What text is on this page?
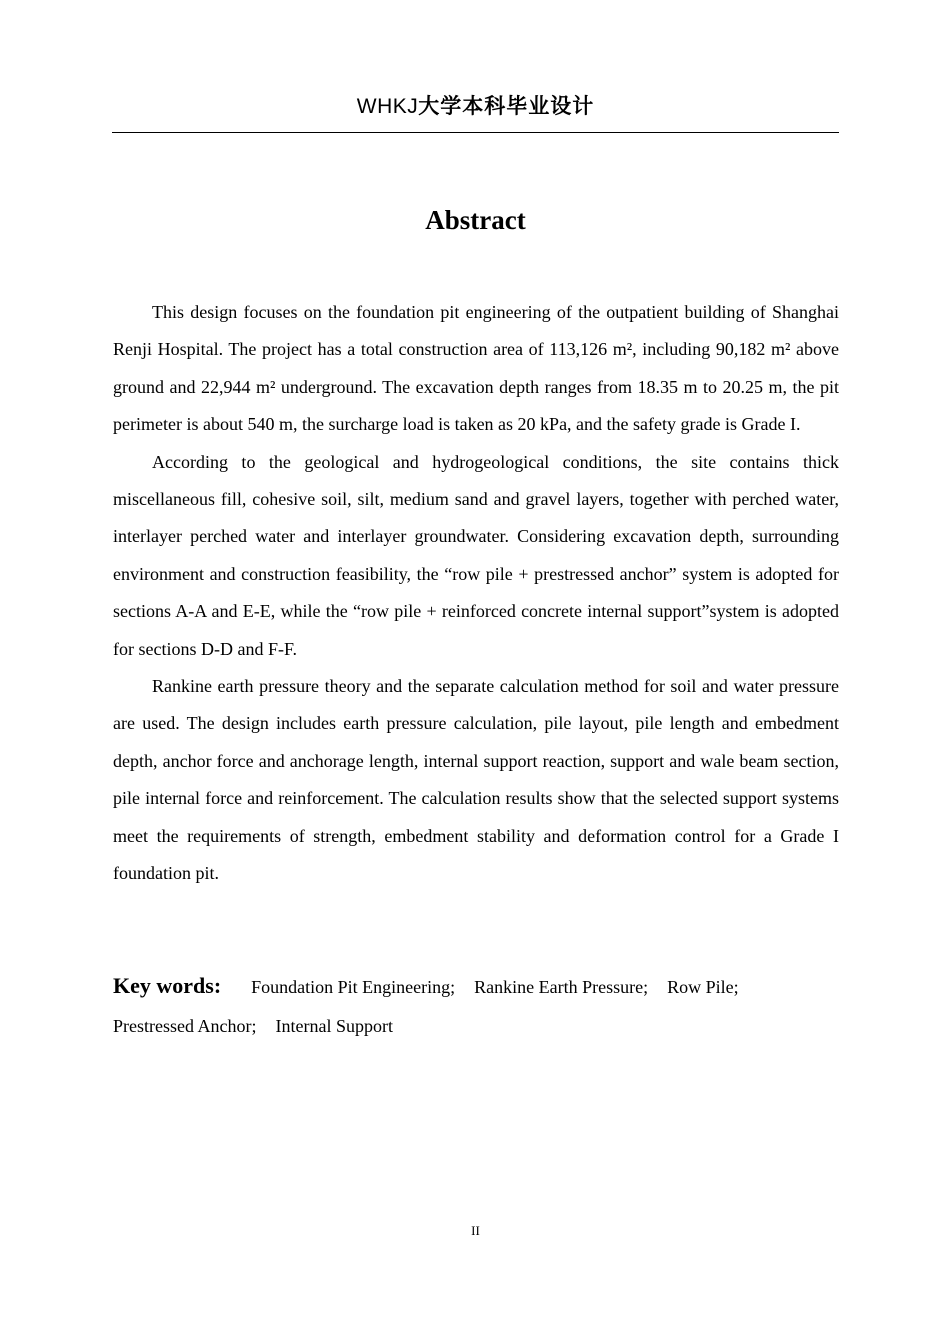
WHKJ大学本科毕业设计
Abstract

This design focuses on the foundation pit engineering of the outpatient building of Shanghai Renji Hospital. The project has a total construction area of 113,126 m², including 90,182 m² above ground and 22,944 m² underground. The excavation depth ranges from 18.35 m to 20.25 m, the pit perimeter is about 540 m, the surcharge load is taken as 20 kPa, and the safety grade is Grade I.

According to the geological and hydrogeological conditions, the site contains thick miscellaneous fill, cohesive soil, silt, medium sand and gravel layers, together with perched water, interlayer perched water and interlayer groundwater. Considering excavation depth, surrounding environment and construction feasibility, the “row pile + prestressed anchor” system is adopted for sections A-A and E-E, while the “row pile + reinforced concrete internal support”system is adopted for sections D-D and F-F.

Rankine earth pressure theory and the separate calculation method for soil and water pressure are used. The design includes earth pressure calculation, pile layout, pile length and embedment depth, anchor force and anchorage length, internal support reaction, support and wale beam section, pile internal force and reinforcement. The calculation results show that the selected support systems meet the requirements of strength, embedment stability and deformation control for a Grade I foundation pit.

Key words: Foundation Pit Engineering; Rankine Earth Pressure; Row Pile;
Prestressed Anchor; Internal Support
II
